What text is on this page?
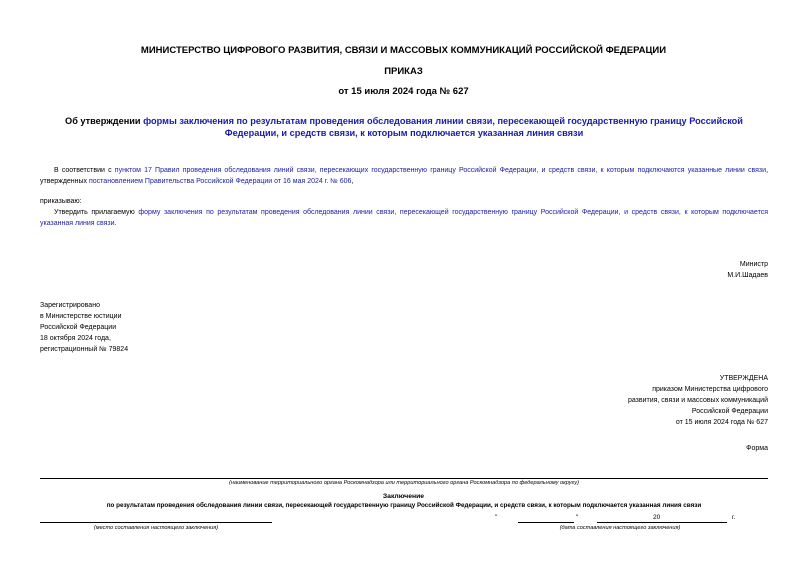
МИНИСТЕРСТВО ЦИФРОВОГО РАЗВИТИЯ, СВЯЗИ И МАССОВЫХ КОММУНИКАЦИЙ РОССИЙСКОЙ ФЕДЕРАЦИИ
ПРИКАЗ
от 15 июля 2024 года № 627
Об утверждении формы заключения по результатам проведения обследования линии связи, пересекающей государственную границу Российской Федерации, и средств связи, к которым подключается указанная линия связи
В соответствии с пунктом 17 Правил проведения обследования линий связи, пересекающих государственную границу Российской Федерации, и средств связи, к которым подключаются указанные линии связи, утвержденных постановлением Правительства Российской Федерации от 16 мая 2024 г. № 606,
приказываю:
Утвердить прилагаемую форму заключения по результатам проведения обследования линии связи, пересекающей государственную границу Российской Федерации, и средств связи, к которым подключается указанная линия связи.
Министр
М.И.Шадаев
Зарегистрировано
в Министерстве юстиции
Российской Федерации
18 октября 2024 года,
регистрационный № 79824
УТВЕРЖДЕНА
приказом Министерства цифрового
развития, связи и массовых коммуникаций
Российской Федерации
от 15 июля 2024 года № 627
Форма
(наименование территориального органа Роскомнадзора или территориального органа Роскомнадзора по федеральному округу)
Заключение
по результатам проведения обследования линии связи, пересекающей государственную границу Российской Федерации, и средств связи, к которым подключается указанная линия связи
(место составления настоящего заключения)
"	"	20	г.
(дата составления настоящего заключения)
